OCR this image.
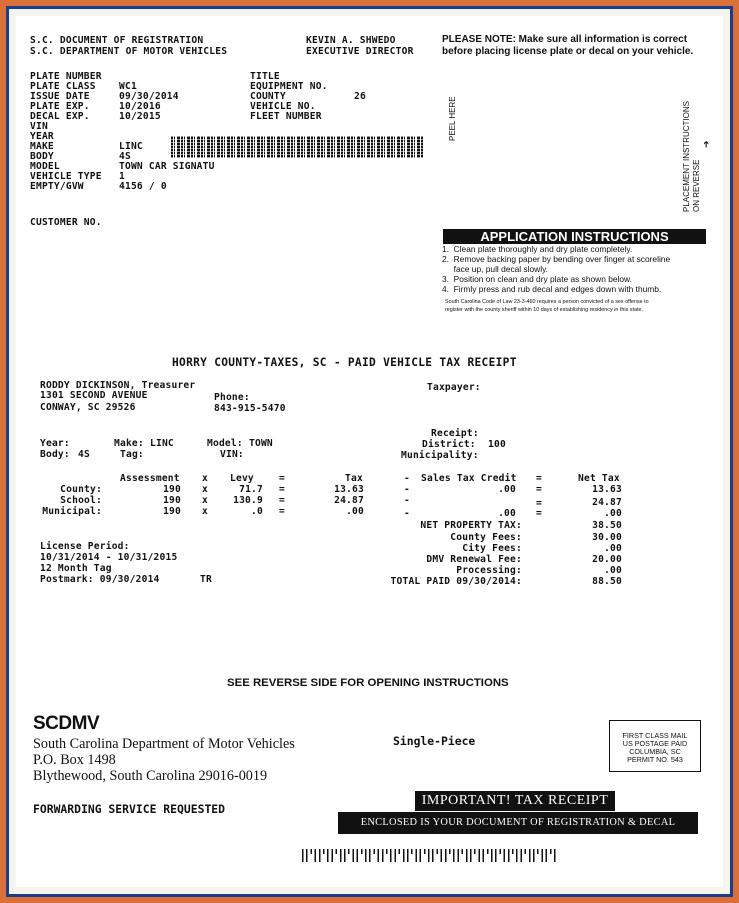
S.C. DOCUMENT OF REGISTRATION
S.C. DEPARTMENT OF MOTOR VEHICLES
KEVIN A. SHWEDO
EXECUTIVE DIRECTOR
PLEASE NOTE: Make sure all information is correct
before placing license plate or decal on your vehicle.
PLATE NUMBER
PLATE CLASS WC1
ISSUE DATE	09/30/2014
PLATE EXP.	10/2016
DECAL EXP.	10/2015
VIN
YEAR
MAKE	LINC
BODY	4S
MODEL	TOWN CAR SIGNATU
VEHICLE TYPE 1
EMPTY/GVW	4156 / 0
TITLE
EQUIPMENT NO.
COUNTY	26
VEHICLE NO.
FLEET NUMBER
CUSTOMER NO.
PEEL HERE	PLACEMENT INSTRUCTIONS ON REVERSE
➔
APPLICATION INSTRUCTIONS
1.  Clean plate thoroughly and dry plate completely.
2.  Remove backing paper by bending over finger at scoreline
face up, pull decal slowly.
3.  Position on clean and dry plate as shown below.
4.  Firmly press and rub decal and edges down with thumb.
South Carolina Code of Law 23-3-460 requires a person convicted of a sex offense to
register with the county sheriff within 10 days of establishing residency in this state.
HORRY COUNTY-TAXES, SC - PAID VEHICLE TAX RECEIPT
RODDY DICKINSON, Treasurer
1301 SECOND AVENUE
CONWAY, SC 29526
Phone:
843-915-5470
Taxpayer:
Receipt:
District: 100
Municipality:
Year:	Make: LINC	Model: TOWN
Body: 4S	Tag:	VIN:
Assessment x Levy	=	Tax	- Sales Tax Credit =	Net Tax
County:	190 x	71.7 =	13.63	-	.00 =	13.63
School:	190 x	130.9 =	24.87	-	=	24.87
Municipal:	190 x	.0 =	.00	-	.00 =	.00
NET PROPERTY TAX:	38.50
County Fees:	30.00
City Fees:	.00
DMV Renewal Fee:	20.00
Processing:	.00
TOTAL PAID 09/30/2014:	88.50
License Period:
10/31/2014 - 10/31/2015
12 Month Tag
Postmark: 09/30/2014	TR
SEE REVERSE SIDE FOR OPENING INSTRUCTIONS
SCDMV
South Carolina Department of Motor Vehicles
P.O. Box 1498
Blythewood, South Carolina 29016-0019
FORWARDING SERVICE REQUESTED
Single-Piece	FIRST CLASS MAIL
US POSTAGE PAID
COLUMBIA, SC
PERMIT NO. 543
IMPORTANT! TAX RECEIPT
ENCLOSED IS YOUR DOCUMENT OF REGISTRATION & DECAL
